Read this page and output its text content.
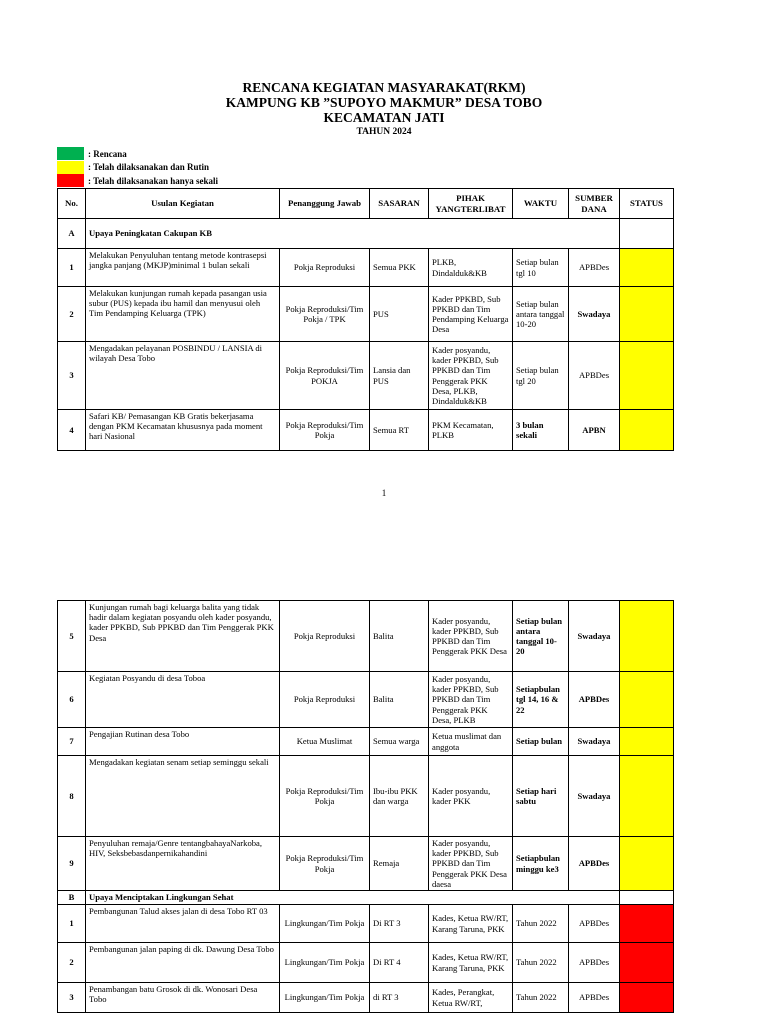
RENCANA KEGIATAN MASYARAKAT(RKM)
KAMPUNG KB ”SUPOYO MAKMUR” DESA TOBO
KECAMATAN JATI
TAHUN 2024
: Rencana
: Telah dilaksanakan dan Rutin
: Telah dilaksanakan hanya sekali
No.	Usulan Kegiatan	Penanggung Jawab	SASARAN	PIHAK YANGTERLIBAT	WAKTU	SUMBER DANA	STATUS
A	Upaya Peningkatan Cakupan KB						
1	Melakukan Penyuluhan tentang metode kontrasepsi jangka panjang (MKJP)minimal 1 bulan sekali	Pokja Reproduksi	Semua PKK	PLKB, Dindalduk&KB	Setiap bulan tgl 10	APBDes	
2	Melakukan kunjungan rumah kepada pasangan usia subur (PUS) kepada ibu hamil dan menyusui oleh Tim Pendamping Keluarga (TPK)	Pokja Reproduksi/Tim Pokja / TPK	PUS	Kader PPKBD, Sub PPKBD dan Tim Pendamping Keluarga Desa	Setiap bulan antara tanggal 10-20	Swadaya	
3	Mengadakan pelayanan POSBINDU / LANSIA di wilayah Desa Tobo	Pokja Reproduksi/Tim POKJA	Lansia dan PUS	Kader posyandu, kader PPKBD, Sub PPKBD dan Tim Penggerak PKK Desa, PLKB, Dindalduk&KB	Setiap bulan tgl 20	APBDes	
4	Safari KB/ Pemasangan KB Gratis bekerjasama dengan PKM Kecamatan khususnya pada moment hari Nasional	Pokja Reproduksi/Tim Pokja	Semua RT	PKM Kecamatan, PLKB	3 bulan sekali	APBN	
1
5	Kunjungan rumah bagi keluarga balita yang tidak hadir dalam kegiatan posyandu oleh kader posyandu, kader PPKBD, Sub PPKBD dan Tim Penggerak PKK Desa	Pokja Reproduksi	Balita	Kader posyandu, kader PPKBD, Sub PPKBD dan Tim Penggerak PKK Desa	Setiap bulan antara tanggal 10-20	Swadaya	
6	Kegiatan Posyandu di desa Toboa	Pokja Reproduksi	Balita	Kader posyandu, kader PPKBD, Sub PPKBD dan Tim Penggerak PKK Desa, PLKB	Setiapbulan tgl 14, 16 & 22	APBDes	
7	Pengajian Rutinan desa Tobo	Ketua Muslimat	Semua warga	Ketua muslimat dan anggota	Setiap bulan	Swadaya	
8	Mengadakan kegiatan senam setiap seminggu sekali	Pokja Reproduksi/Tim Pokja	Ibu-ibu PKK dan warga	Kader posyandu, kader PKK	Setiap hari sabtu	Swadaya	
9	Penyuluhan remaja/Genre tentangbahayaNarkoba, HIV, Seksbebasdanpernikahandini	Pokja Reproduksi/Tim Pokja	Remaja	Kader posyandu, kader PPKBD, Sub PPKBD dan Tim Penggerak PKK Desa daesa	Setiapbulan minggu ke3	APBDes	
B	Upaya Menciptakan Lingkungan Sehat						
1	Pembangunan Talud akses jalan di desa Tobo RT 03	Lingkungan/Tim Pokja	Di RT 3	Kades, Ketua RW/RT, Karang Taruna, PKK	Tahun 2022	APBDes	
2	Pembangunan jalan paping di dk. Dawung Desa Tobo	Lingkungan/Tim Pokja	Di RT 4	Kades, Ketua RW/RT, Karang Taruna, PKK	Tahun 2022	APBDes	
3	Penambangan batu Grosok di dk. Wonosari Desa Tobo	Lingkungan/Tim Pokja	di RT 3	Kades, Perangkat, Ketua RW/RT,	Tahun 2022	APBDes	
